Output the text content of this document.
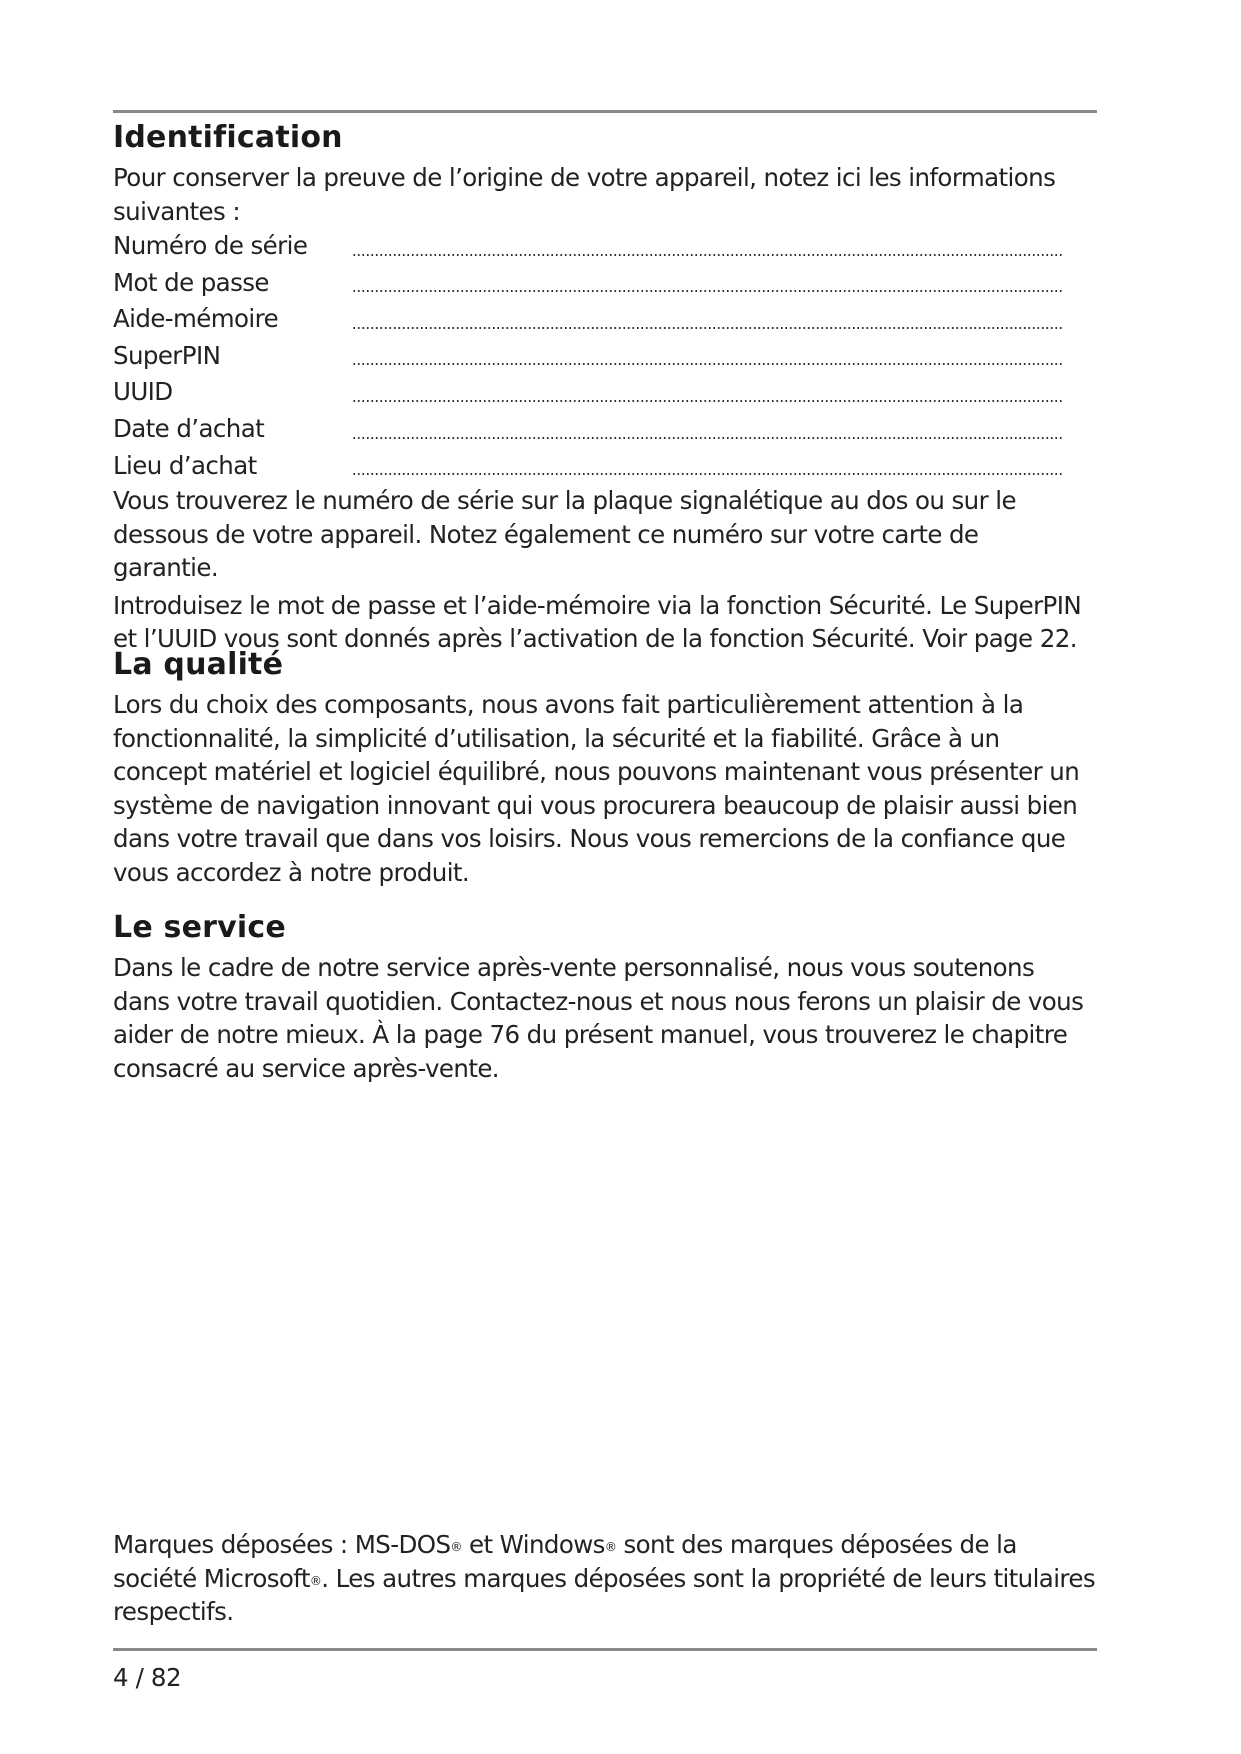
Identification

Pour conserver la preuve de l’origine de votre appareil, notez ici les informations suivantes :

Numéro de série
Mot de passe
Aide-mémoire
SuperPIN
UUID
Date d’achat
Lieu d’achat

Vous trouverez le numéro de série sur la plaque signalétique au dos ou sur le dessous de votre appareil. Notez également ce numéro sur votre carte de garantie.

Introduisez le mot de passe et l’aide-mémoire via la fonction Sécurité. Le SuperPIN et l’UUID vous sont donnés après l’activation de la fonction Sécurité. Voir page 22.

La qualité

Lors du choix des composants, nous avons fait particulièrement attention à la fonctionnalité, la simplicité d’utilisation, la sécurité et la fiabilité. Grâce à un concept matériel et logiciel équilibré, nous pouvons maintenant vous présenter un système de navigation innovant qui vous procurera beaucoup de plaisir aussi bien dans votre travail que dans vos loisirs. Nous vous remercions de la confiance que vous accordez à notre produit.

Le service

Dans le cadre de notre service après-vente personnalisé, nous vous soutenons dans votre travail quotidien. Contactez-nous et nous nous ferons un plaisir de vous aider de notre mieux. À la page 76 du présent manuel, vous trouverez le chapitre consacré au service après-vente.

Marques déposées : MS-DOS® et Windows® sont des marques déposées de la société Microsoft®. Les autres marques déposées sont la propriété de leurs titulaires respectifs.

4 / 82
